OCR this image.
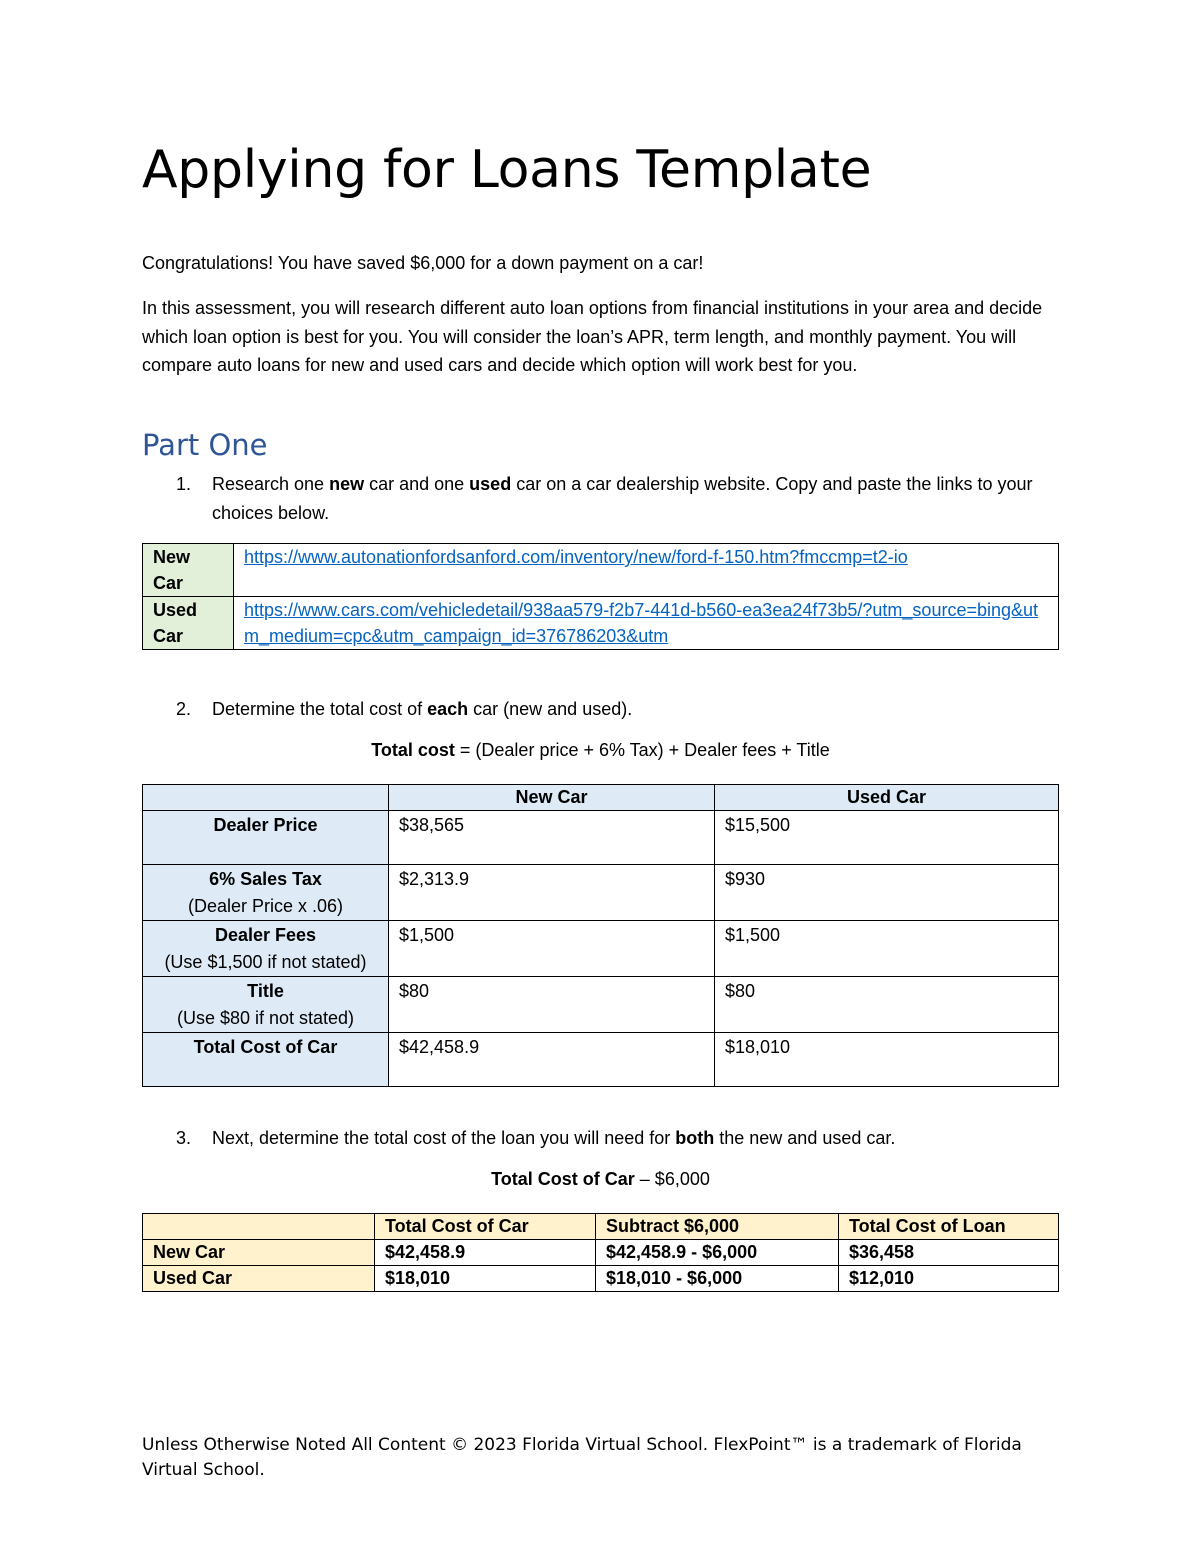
Applying for Loans Template

Congratulations! You have saved $6,000 for a down payment on a car!

In this assessment, you will research different auto loan options from financial institutions in your area and decide which loan option is best for you. You will consider the loan’s APR, term length, and monthly payment. You will compare auto loans for new and used cars and decide which option will work best for you.

Part One
1. Research one new car and one used car on a car dealership website. Copy and paste the links to your choices below.
New Car	https://www.autonationfordsanford.com/inventory/new/ford-f-150.htm?fmccmp=t2-io
Used Car	https://www.cars.com/vehicledetail/938aa579-f2b7-441d-b560-ea3ea24f73b5/?utm_source=bing&utm_medium=cpc&utm_campaign_id=376786203&utm
2. Determine the total cost of each car (new and used).
Total cost = (Dealer price + 6% Tax) + Dealer fees + Title
	New Car	Used Car

Dealer Price	$38,565	$15,500

6% Sales Tax
(Dealer Price x .06)	$2,313.9	$930

Dealer Fees
(Use $1,500 if not stated)	$1,500	$1,500

Title
(Use $80 if not stated)	$80	$80

Total Cost of Car	$42,458.9	$18,010
3. Next, determine the total cost of the loan you will need for both the new and used car.
Total Cost of Car – $6,000
	Total Cost of Car	Subtract $6,000	Total Cost of Loan
New Car	$42,458.9	$42,458.9 - $6,000	$36,458
Used Car	$18,010	$18,010 - $6,000	$12,010
Unless Otherwise Noted All Content © 2023 Florida Virtual School. FlexPoint™ is a trademark of Florida Virtual School.
